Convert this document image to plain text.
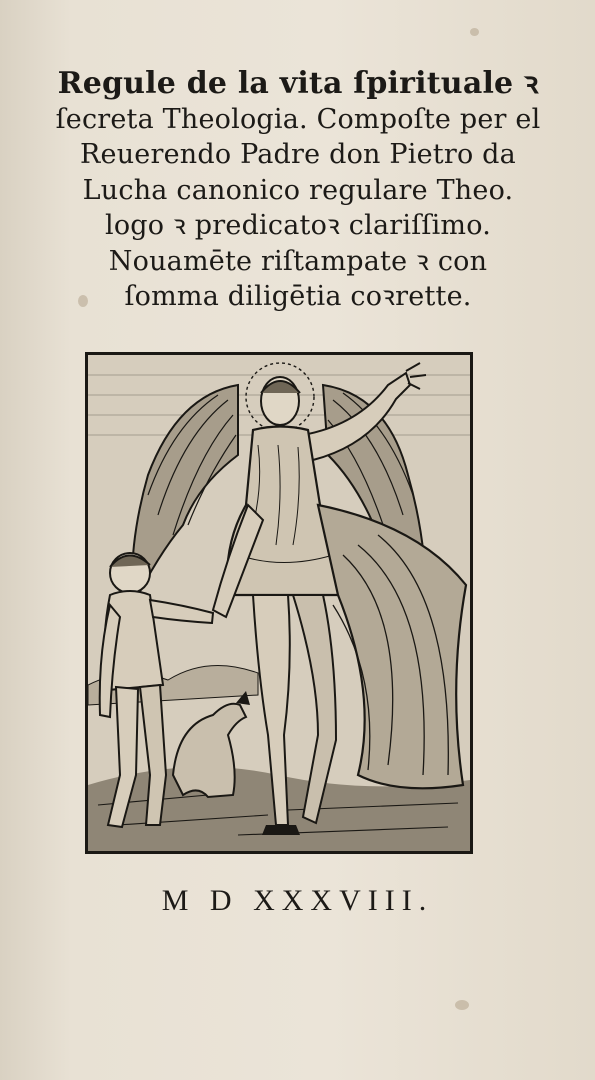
Regule de la vita ſpirituale ꝛ
ſecreta Theologia. Compoſte per el
Reuerendo Padre don Pietro da
Lucha canonico regulare Theo.
logo ꝛ predicatoꝛ clariſſimo.
Nouamēte riſtampate ꝛ con
ſomma diligētia coꝛrette.
M D XXXVIII.
